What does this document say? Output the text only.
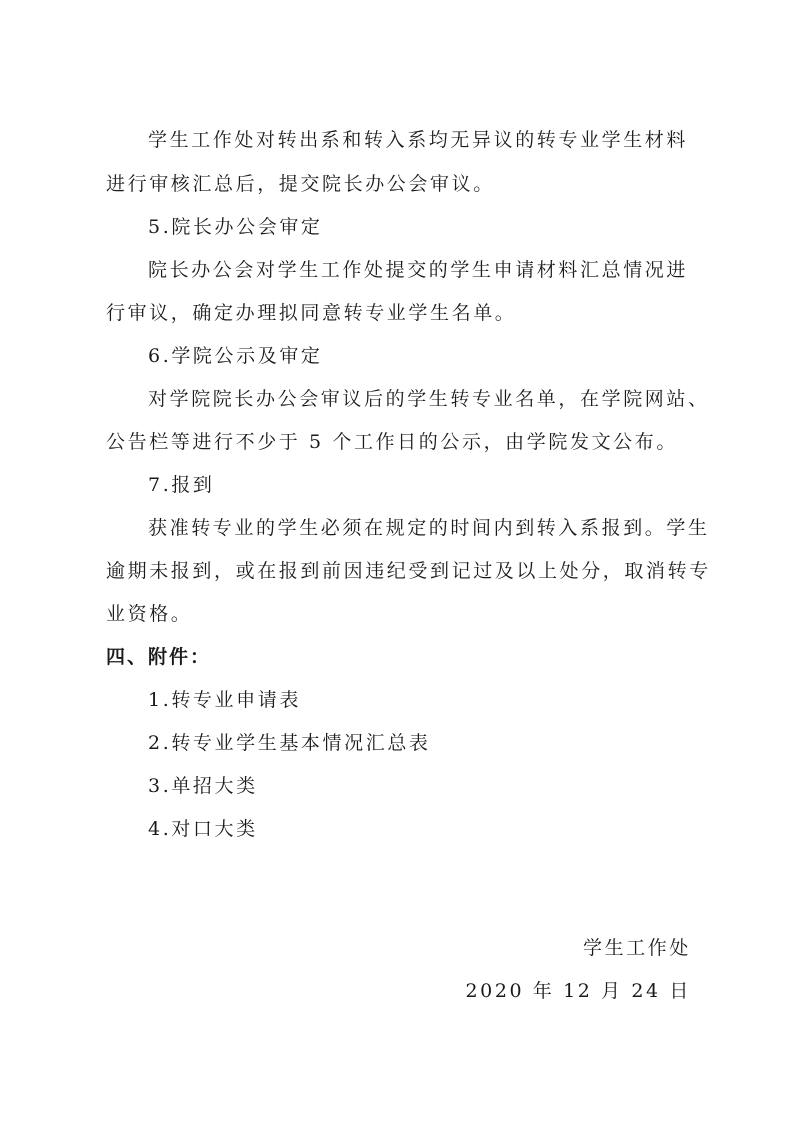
学生工作处对转出系和转入系均无异议的转专业学生材料
进行审核汇总后，提交院长办公会审议。
5.院长办公会审定
院长办公会对学生工作处提交的学生申请材料汇总情况进
行审议，确定办理拟同意转专业学生名单。
6.学院公示及审定
对学院院长办公会审议后的学生转专业名单，在学院网站、
公告栏等进行不少于 5 个工作日的公示，由学院发文公布。
7.报到
获准转专业的学生必须在规定的时间内到转入系报到。学生
逾期未报到，或在报到前因违纪受到记过及以上处分，取消转专
业资格。
四、附件：
1.转专业申请表
2.转专业学生基本情况汇总表
3.单招大类
4.对口大类
学生工作处
2020 年 12 月 24 日
